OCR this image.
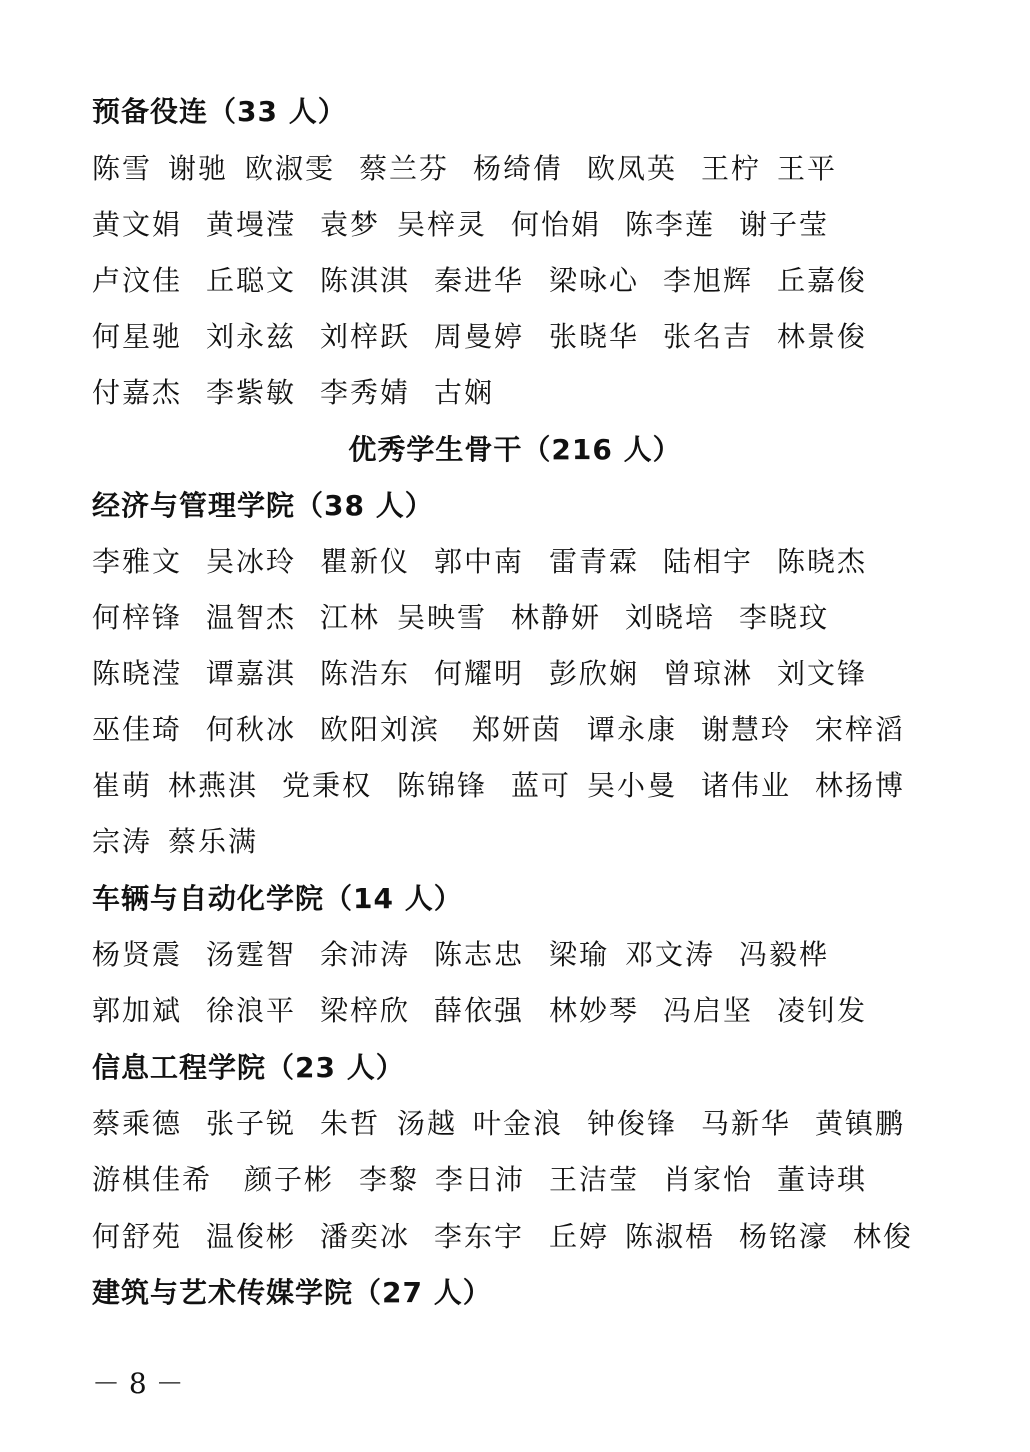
预备役连（33 人）
陈雪 谢驰 欧淑雯 蔡兰芬 杨绮倩 欧凤英 王柠 王平
黄文娟 黄墁滢 袁梦 吴梓灵 何怡娟 陈李莲 谢子莹
卢汶佳 丘聪文 陈淇淇 秦进华 梁咏心 李旭辉 丘嘉俊
何星驰 刘永兹 刘梓跃 周曼婷 张晓华 张名吉 林景俊
付嘉杰 李紫敏 李秀婧 古娴
优秀学生骨干（216 人）
经济与管理学院（38 人）
李雅文 吴冰玲 瞿新仪 郭中南 雷青霖 陆相宇 陈晓杰
何梓锋 温智杰 江林 吴映雪 林静妍 刘晓培 李晓玟
陈晓滢 谭嘉淇 陈浩东 何耀明 彭欣娴 曾琼淋 刘文锋
巫佳琦 何秋冰 欧阳刘滨 郑妍茵 谭永康 谢慧玲 宋梓滔
崔萌 林燕淇 党秉权 陈锦锋 蓝可 吴小曼 诸伟业 林扬博
宗涛 蔡乐满
车辆与自动化学院（14 人）
杨贤震 汤霆智 余沛涛 陈志忠 梁瑜 邓文涛 冯毅桦
郭加斌 徐浪平 梁梓欣 薛依强 林妙琴 冯启坚 凌钊发
信息工程学院（23 人）
蔡乘德 张子锐 朱哲 汤越 叶金浪 钟俊锋 马新华 黄镇鹏
游棋佳希 颜子彬 李黎 李日沛 王洁莹 肖家怡 董诗琪
何舒苑 温俊彬 潘奕冰 李东宇 丘婷 陈淑梧 杨铭濠 林俊
建筑与艺术传媒学院（27 人）
－ 8 －
